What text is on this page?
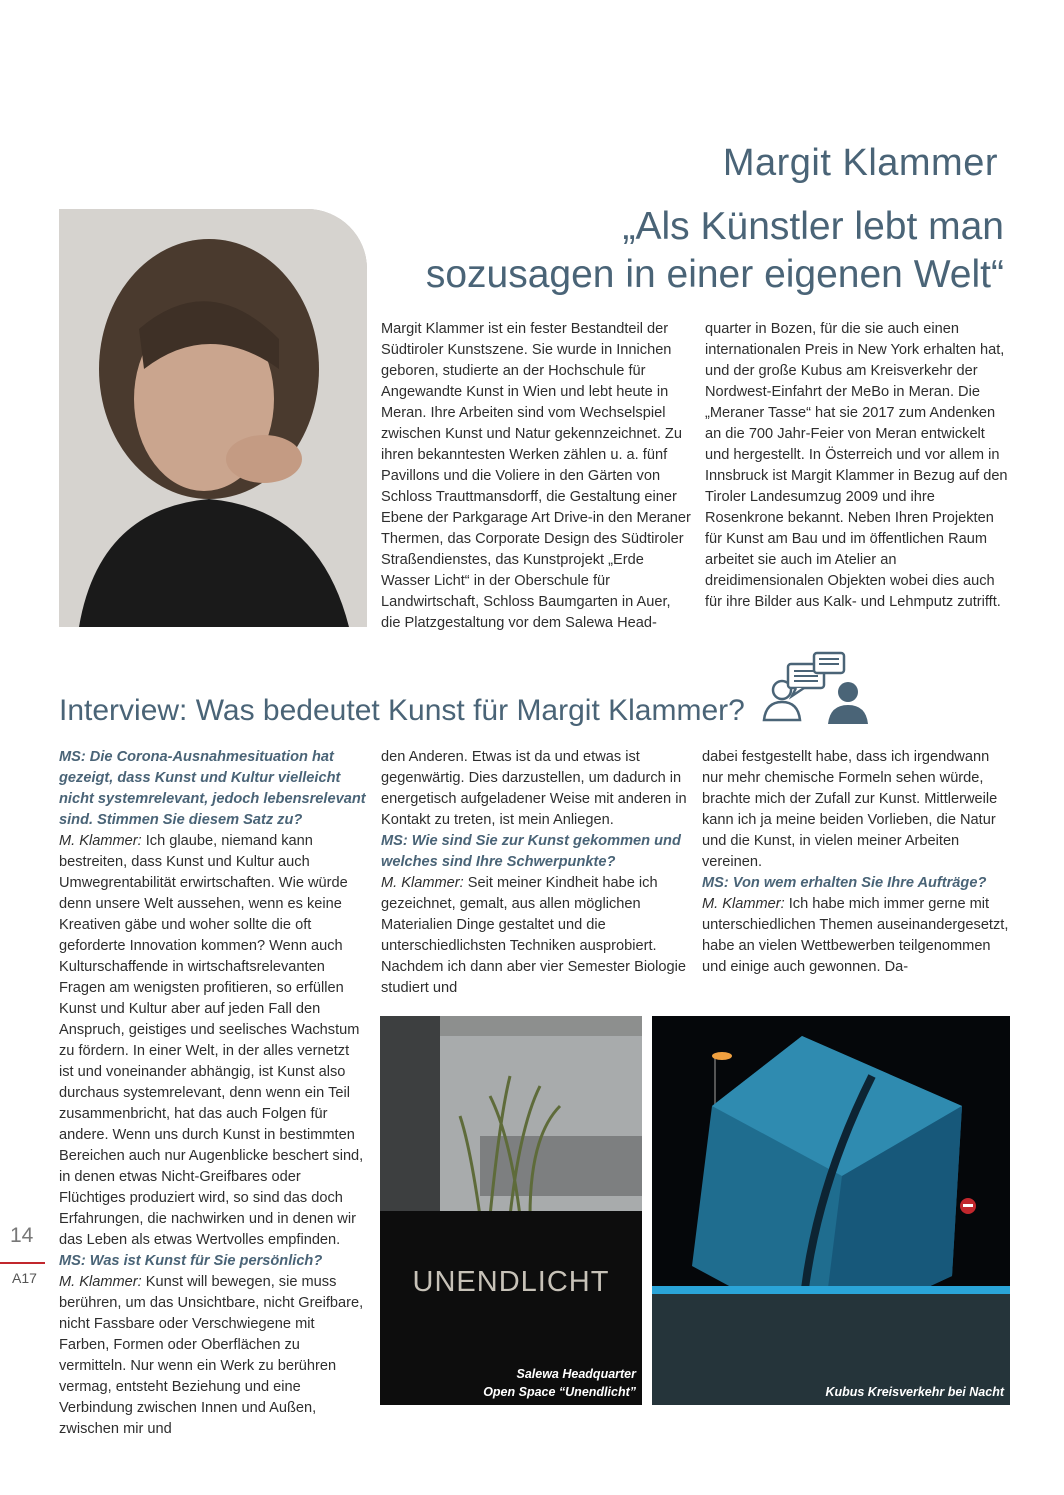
Margit Klammer
„Als Künstler lebt man
sozusagen in einer eigenen Welt“

Margit Klammer ist ein fester Bestandteil der Südtiroler Kunstszene. Sie wurde in Innichen geboren, studierte an der Hochschule für Angewandte Kunst in Wien und lebt heute in Meran. Ihre Arbeiten sind vom Wechselspiel zwischen Kunst und Natur gekennzeichnet. Zu ihren bekanntesten Werken zählen u. a. fünf Pavillons und die Voliere in den Gärten von Schloss Trauttmansdorff, die Gestaltung einer Ebene der Parkgarage Art Drive-in den Meraner Thermen, das Corporate Design des Südtiroler Straßendienstes, das Kunstprojekt „Erde Wasser Licht“ in der Oberschule für Landwirtschaft, Schloss Baumgarten in Auer, die Platzgestaltung vor dem Salewa Head-

quarter in Bozen, für die sie auch einen internationalen Preis in New York erhalten hat, und der große Kubus am Kreisverkehr der Nordwest-Einfahrt der MeBo in Meran. Die „Meraner Tasse“ hat sie 2017 zum Andenken an die 700 Jahr-Feier von Meran entwickelt und hergestellt. In Österreich und vor allem in Innsbruck ist Margit Klammer in Bezug auf den Tiroler Landesumzug 2009 und ihre Rosenkrone bekannt. Neben Ihren Projekten für Kunst am Bau und im öffentlichen Raum arbeitet sie auch im Atelier an dreidimensionalen Objekten wobei dies auch für ihre Bilder aus Kalk- und Lehmputz zutrifft.

Interview: Was bedeutet Kunst für Margit Klammer?

MS: Die Corona-Ausnahmesituation hat gezeigt, dass Kunst und Kultur vielleicht nicht systemrelevant, jedoch lebensrelevant sind. Stimmen Sie diesem Satz zu?
M. Klammer: Ich glaube, niemand kann bestreiten, dass Kunst und Kultur auch Umwegrentabilität erwirtschaften. Wie würde denn unsere Welt aussehen, wenn es keine Kreativen gäbe und woher sollte die oft geforderte Innovation kommen? Wenn auch Kulturschaffende in wirtschaftsrelevanten Fragen am wenigsten profitieren, so erfüllen Kunst und Kultur aber auf jeden Fall den Anspruch, geistiges und seelisches Wachstum zu fördern. In einer Welt, in der alles vernetzt ist und voneinander abhängig, ist Kunst also durchaus systemrelevant, denn wenn ein Teil zusammenbricht, hat das auch Folgen für andere. Wenn uns durch Kunst in bestimmten Bereichen auch nur Augenblicke beschert sind, in denen etwas Nicht-Greifbares oder Flüchtiges produziert wird, so sind das doch Erfahrungen, die nachwirken und in denen wir das Leben als etwas Wertvolles empfinden.
MS: Was ist Kunst für Sie persönlich?
M. Klammer: Kunst will bewegen, sie muss berühren, um das Unsichtbare, nicht Greifbare, nicht Fassbare oder Verschwiegene mit Farben, Formen oder Oberflächen zu vermitteln. Nur wenn ein Werk zu berühren vermag, entsteht Beziehung und eine Verbindung zwischen Innen und Außen, zwischen mir und

den Anderen. Etwas ist da und etwas ist gegenwärtig. Dies darzustellen, um dadurch in energetisch aufgeladener Weise mit anderen in Kontakt zu treten, ist mein Anliegen.
MS: Wie sind Sie zur Kunst gekommen und welches sind Ihre Schwerpunkte?
M. Klammer: Seit meiner Kindheit habe ich gezeichnet, gemalt, aus allen möglichen Materialien Dinge gestaltet und die unterschiedlichsten Techniken ausprobiert. Nachdem ich dann aber vier Semester Biologie studiert und

dabei festgestellt habe, dass ich irgendwann nur mehr chemische Formeln sehen würde, brachte mich der Zufall zur Kunst. Mittlerweile kann ich ja meine beiden Vorlieben, die Natur und die Kunst, in vielen meiner Arbeiten vereinen.
MS: Von wem erhalten Sie Ihre Aufträge?
M. Klammer: Ich habe mich immer gerne mit unterschiedlichen Themen auseinandergesetzt, habe an vielen Wettbewerben teilgenommen und einige auch gewonnen. Da-

UNENDLICHT
Salewa Headquarter
Open Space “Unendlicht”	Kubus Kreisverkehr bei Nacht
14
A17
